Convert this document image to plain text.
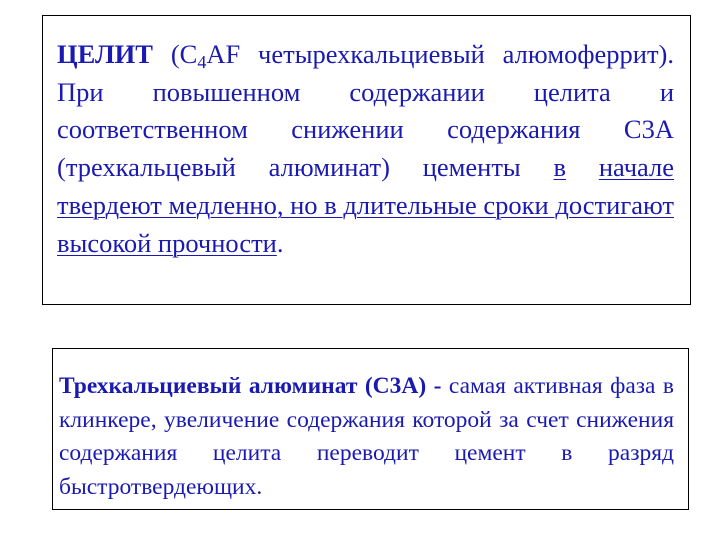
ЦЕЛИТ ($C_4AF$ четырехкальциевый алюмоферрит). При повышенном содержании целита и соответственном снижении содержания С3А (трехкальцевый алюминат) цементы в начале твердеют медленно, но в длительные сроки достигают высокой прочности.

Трехкальциевый алюминат (С3А) - самая активная фаза в клинкере, увеличение содержания которой за счет снижения содержания целита переводит цемент в разряд быстротвердеющих.
